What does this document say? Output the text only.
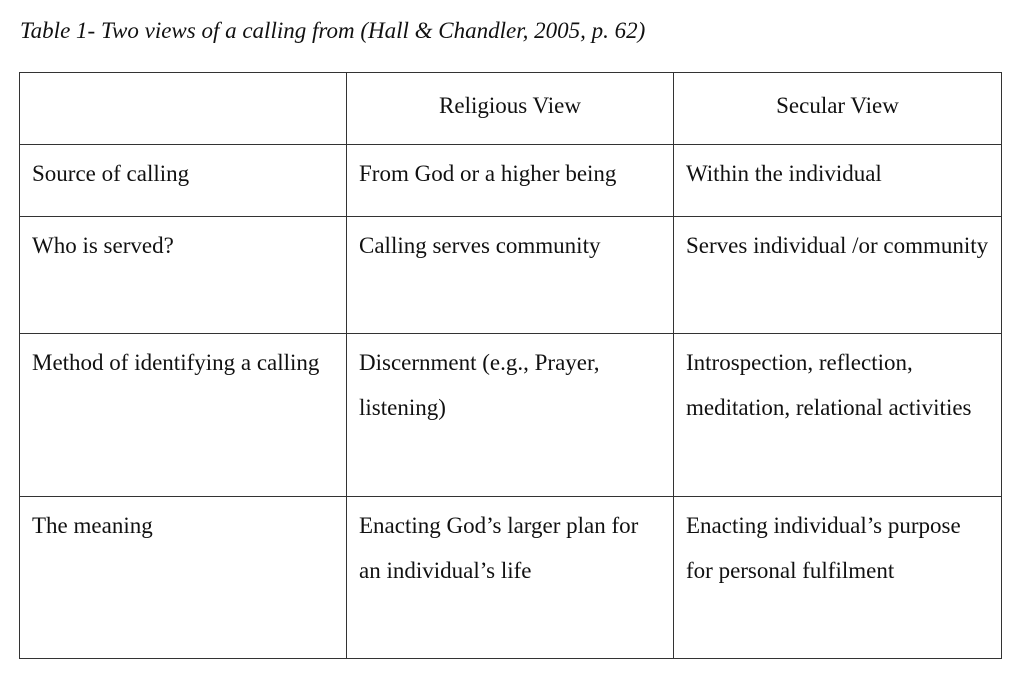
Table 1- Two views of a calling from (Hall & Chandler, 2005, p. 62)

	Religious View	Secular View
Source of calling	From God or a higher being	Within the individual
Who is served?	Calling serves community	Serves individual /or community
Method of identifying a calling	Discernment (e.g., Prayer, listening)	Introspection, reflection, meditation, relational activities
The meaning	Enacting God’s larger plan for an individual’s life	Enacting individual’s purpose for personal fulfilment
